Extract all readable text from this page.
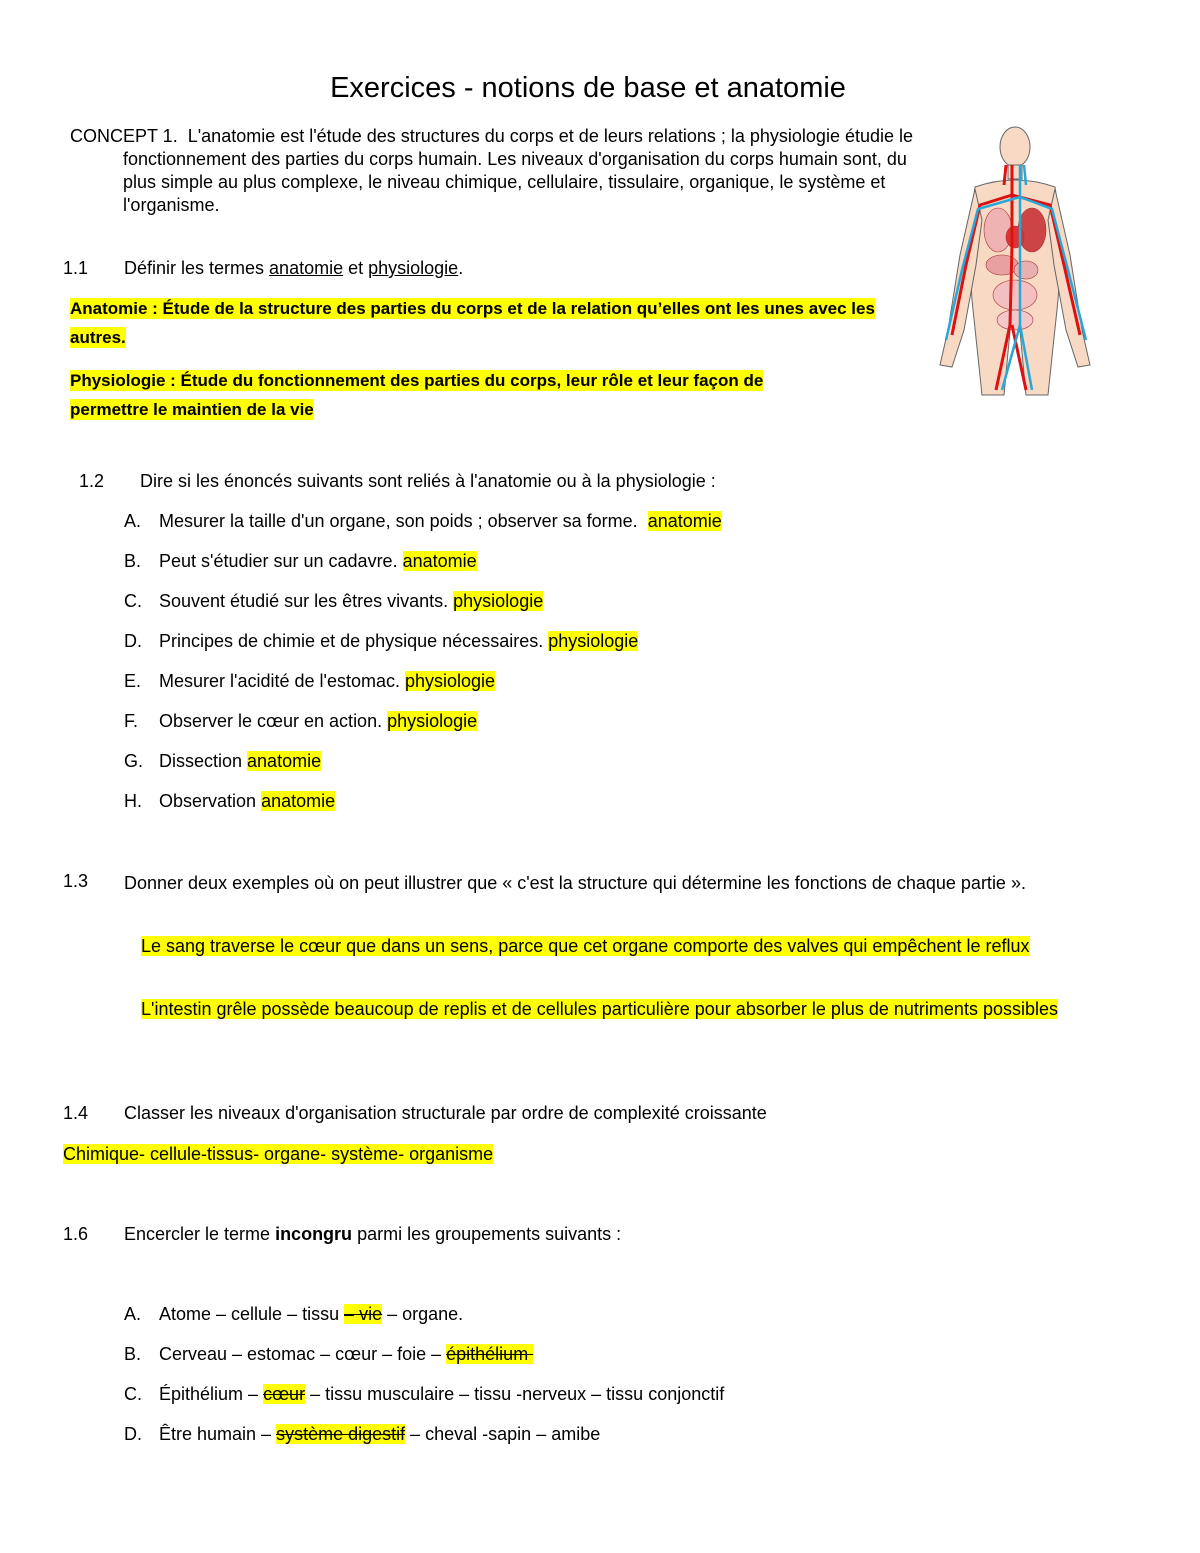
Exercices - notions de base et anatomie
CONCEPT 1. L'anatomie est l'étude des structures du corps et de leurs relations ; la physiologie étudie le fonctionnement des parties du corps humain. Les niveaux d'organisation du corps humain sont, du plus simple au plus complexe, le niveau chimique, cellulaire, tissulaire, organique, le système et l'organisme.
1.1 Définir les termes anatomie et physiologie.
Anatomie : Étude de la structure des parties du corps et de la relation qu’elles ont les unes avec les autres.
Physiologie : Étude du fonctionnement des parties du corps, leur rôle et leur façon de permettre le maintien de la vie
1.2 Dire si les énoncés suivants sont reliés à l'anatomie ou à la physiologie :
A. Mesurer la taille d'un organe, son poids ; observer sa forme.  anatomie
B. Peut s'étudier sur un cadavre. anatomie
C. Souvent étudié sur les êtres vivants. physiologie
D. Principes de chimie et de physique nécessaires. physiologie
E. Mesurer l'acidité de l'estomac. physiologie
F. Observer le cœur en action. physiologie
G. Dissection anatomie
H. Observation anatomie
1.3 Donner deux exemples où on peut illustrer que « c'est la structure qui détermine les fonctions de chaque partie ».
Le sang traverse le cœur que dans un sens, parce que cet organe comporte des valves qui empêchent le reflux
L'intestin grêle possède beaucoup de replis et de cellules particulière pour absorber le plus de nutriments possibles
1.4 Classer les niveaux d'organisation structurale par ordre de complexité croissante
Chimique- cellule-tissus- organe- système- organisme
1.6 Encercler le terme incongru parmi les groupements suivants :
A. Atome – cellule – tissu – vie – organe.
B. Cerveau – estomac – cœur – foie – épithélium
C. Épithélium – cœur – tissu musculaire – tissu -nerveux – tissu conjonctif
D. Être humain – système digestif – cheval -sapin – amibe
